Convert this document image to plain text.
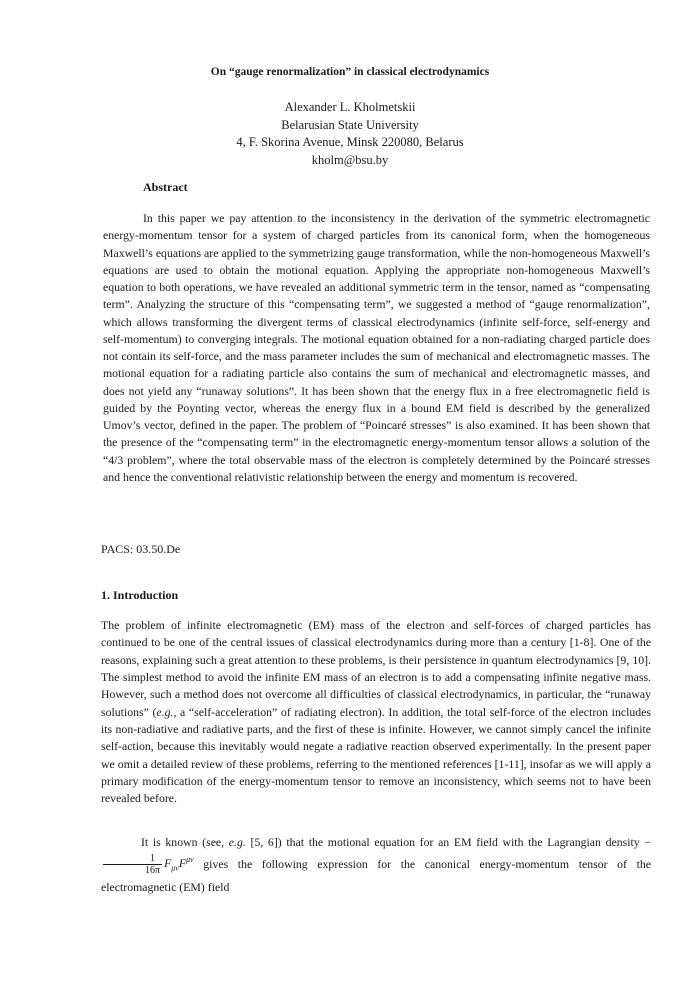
On “gauge renormalization” in classical electrodynamics
Alexander L. Kholmetskii
Belarusian State University
4, F. Skorina Avenue, Minsk 220080, Belarus
kholm@bsu.by
Abstract

In this paper we pay attention to the inconsistency in the derivation of the symmetric electromagnetic energy-momentum tensor for a system of charged particles from its canonical form, when the homogeneous Maxwell’s equations are applied to the symmetrizing gauge transformation, while the non-homogeneous Maxwell’s equations are used to obtain the motional equation. Applying the appropriate non-homogeneous Maxwell’s equation to both operations, we have revealed an additional symmetric term in the tensor, named as “compensating term”. Analyzing the structure of this “compensating term”, we suggested a method of “gauge renormalization”, which allows transforming the divergent terms of classical electrodynamics (infinite self-force, self-energy and self-momentum) to converging integrals. The motional equation obtained for a non-radiating charged particle does not contain its self-force, and the mass parameter includes the sum of mechanical and electromagnetic masses. The motional equation for a radiating particle also contains the sum of mechanical and electromagnetic masses, and does not yield any “runaway solutions”. It has been shown that the energy flux in a free electromagnetic field is guided by the Poynting vector, whereas the energy flux in a bound EM field is described by the generalized Umov’s vector, defined in the paper. The problem of “Poincaré stresses” is also examined. It has been shown that the presence of the “compensating term” in the electromagnetic energy-momentum tensor allows a solution of the “4/3 problem”, where the total observable mass of the electron is completely determined by the Poincaré stresses and hence the conventional relativistic relationship between the energy and momentum is recovered.

PACS: 03.50.De
1. Introduction

The problem of infinite electromagnetic (EM) mass of the electron and self-forces of charged particles has continued to be one of the central issues of classical electrodynamics during more than a century [1-8]. One of the reasons, explaining such a great attention to these problems, is their persistence in quantum electrodynamics [9, 10]. The simplest method to avoid the infinite EM mass of an electron is to add a compensating infinite negative mass. However, such a method does not overcome all difficulties of classical electrodynamics, in particular, the “runaway solutions” (e.g., a “self-acceleration” of radiating electron). In addition, the total self-force of the electron includes its non-radiative and radiative parts, and the first of these is infinite. However, we cannot simply cancel the infinite self-action, because this inevitably would negate a radiative reaction observed experimentally. In the present paper we omit a detailed review of these problems, referring to the mentioned references [1-11], insofar as we will apply a primary modification of the energy-momentum tensor to remove an inconsistency, which seems not to have been revealed before.

It is known (see, e.g. [5, 6]) that the motional equation for an EM field with the Lagrangian density −
$\frac{1}{16\pi} F_{\mu\nu}F^{\mu\nu}$ gives the following expression for the canonical energy-momentum tensor of the electromagnetic (EM) field
